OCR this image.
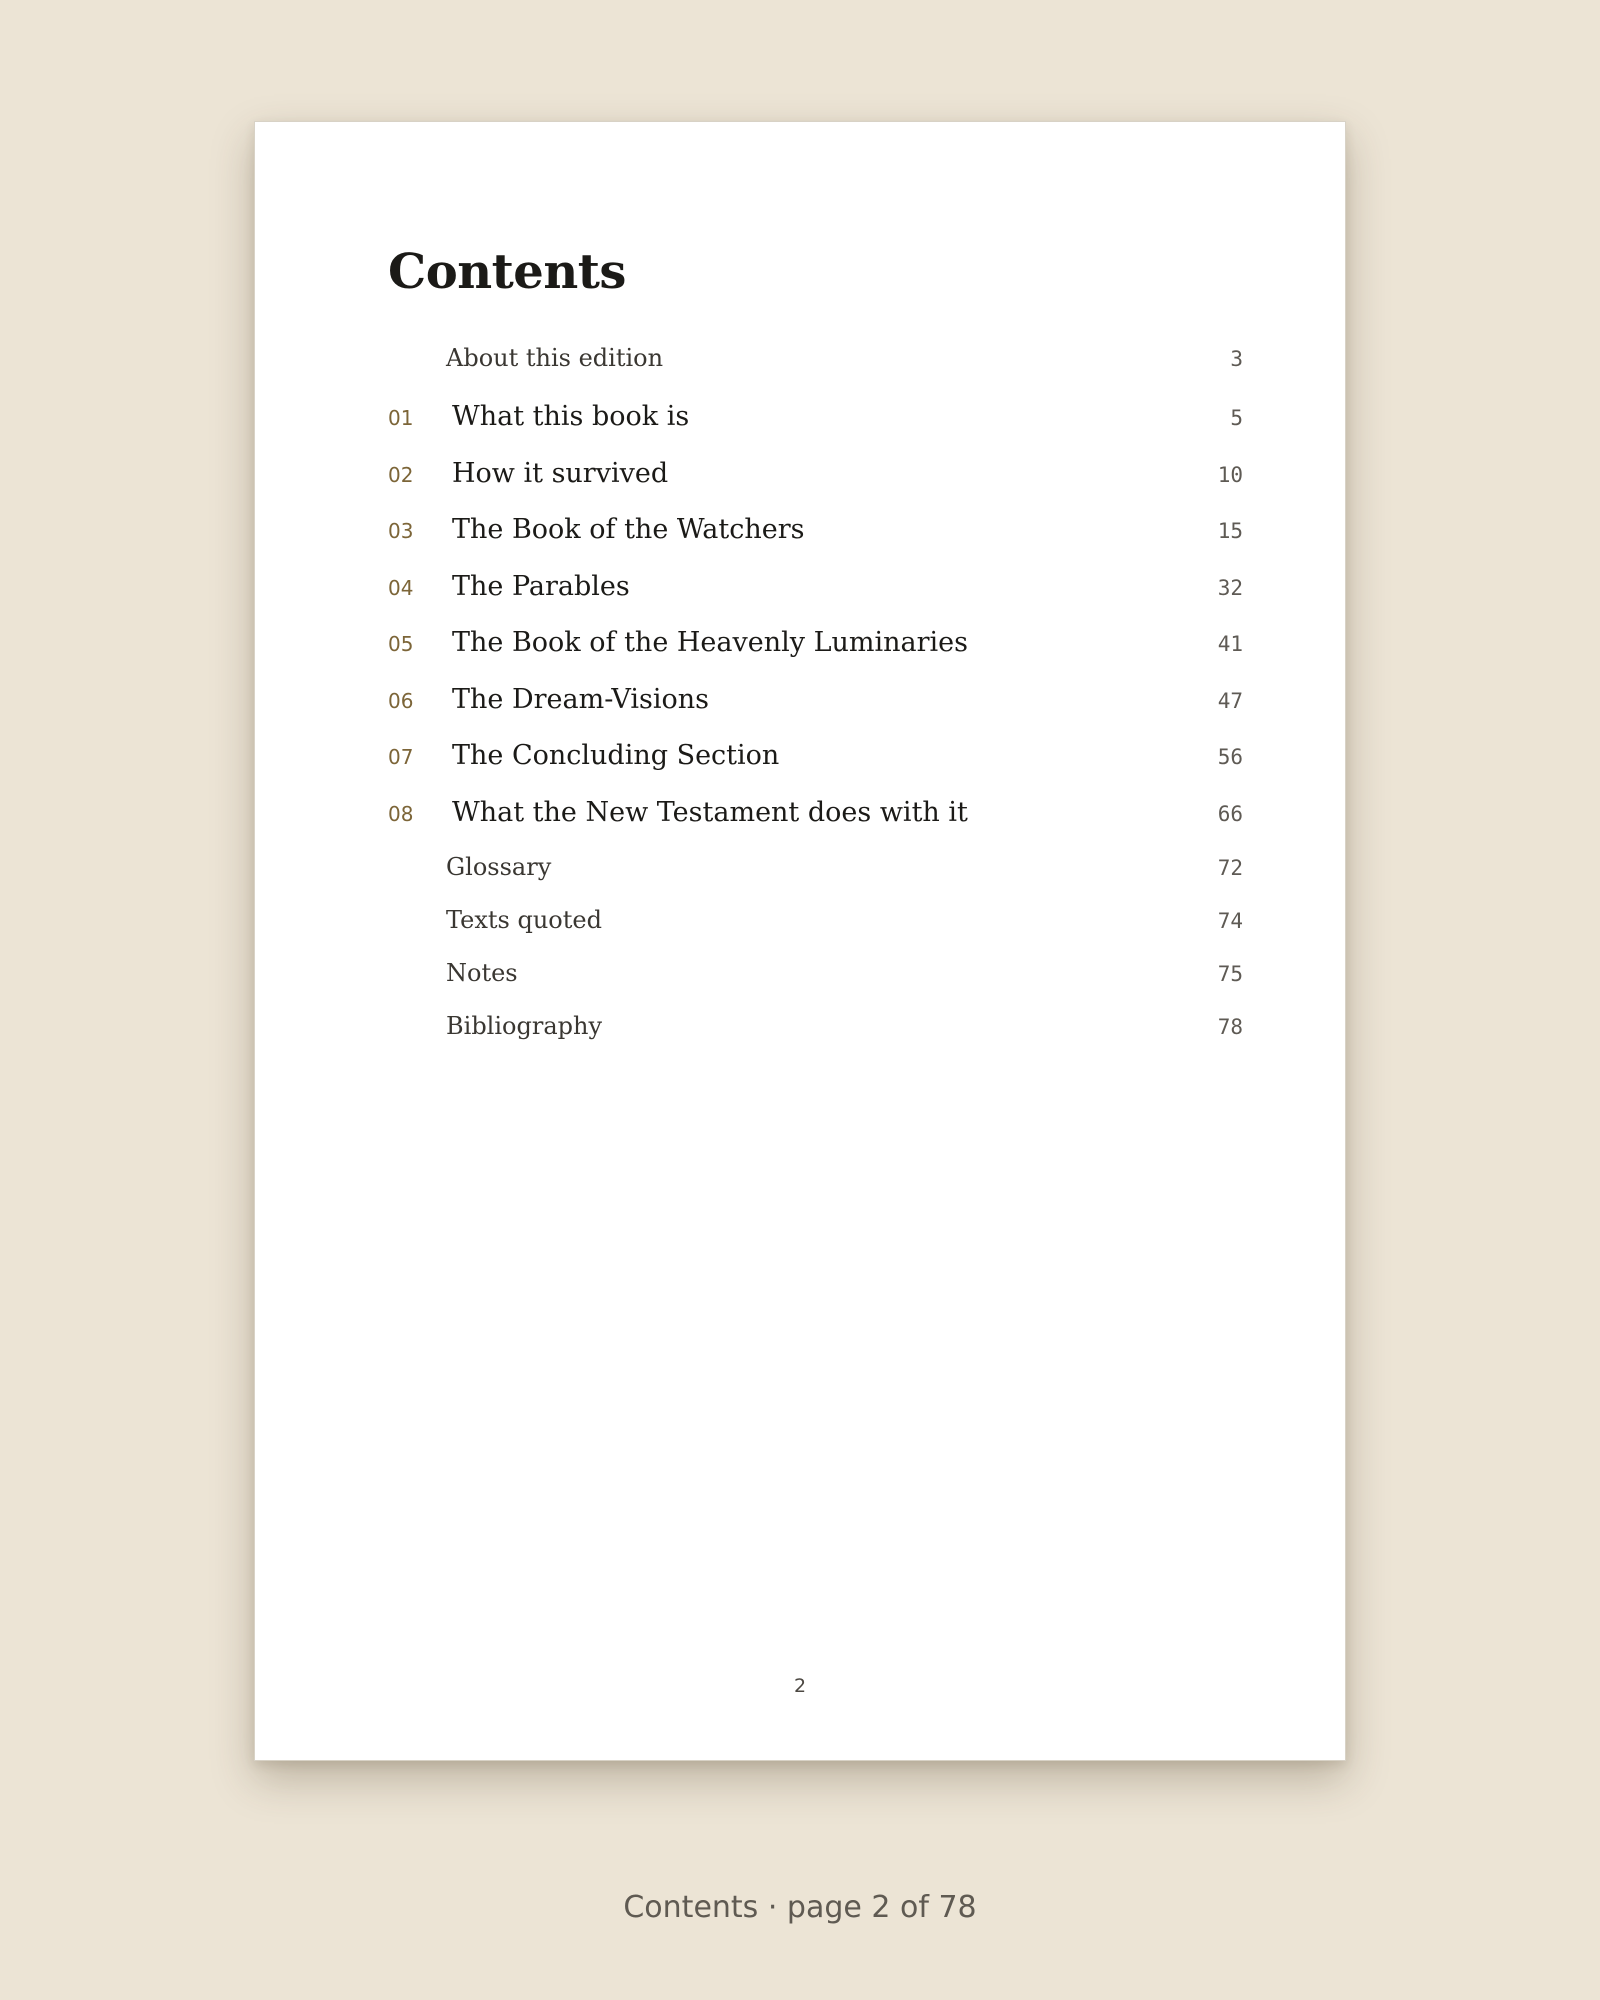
Contents
About this edition	3
01	What this book is	5
02	How it survived	10
03	The Book of the Watchers	15
04	The Parables	32
05	The Book of the Heavenly Luminaries	41
06	The Dream-Visions	47
07	The Concluding Section	56
08	What the New Testament does with it	66
Glossary	72
Texts quoted	74
Notes	75
Bibliography	78
2
Contents · page 2 of 78
